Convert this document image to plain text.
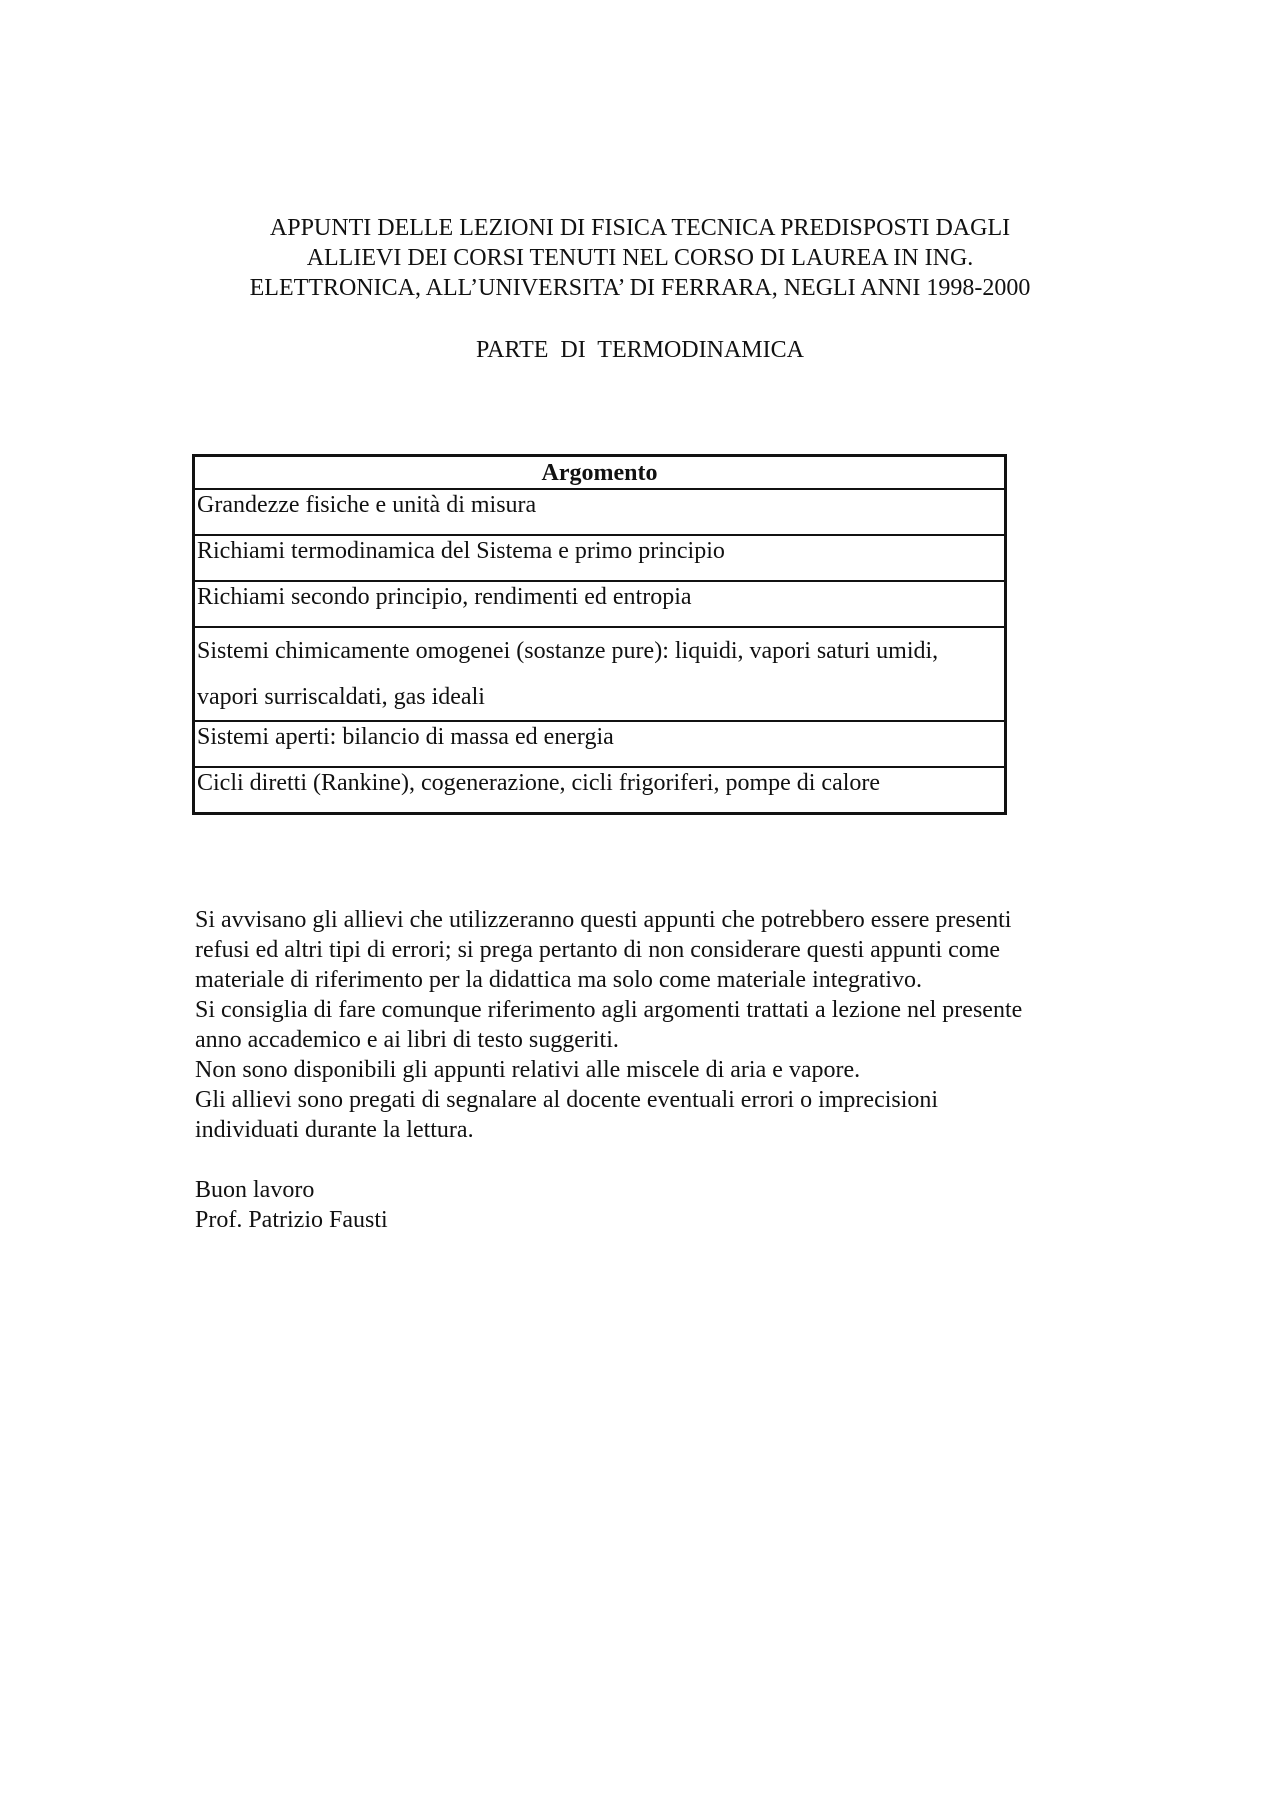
APPUNTI DELLE LEZIONI DI FISICA TECNICA PREDISPOSTI DAGLI
ALLIEVI DEI CORSI TENUTI NEL CORSO DI LAUREA IN ING.
ELETTRONICA, ALL’UNIVERSITA’ DI FERRARA, NEGLI ANNI 1998-2000
PARTE  DI  TERMODINAMICA
Argomento
Grandezze fisiche e unità di misura
Richiami termodinamica del Sistema e primo principio
Richiami secondo principio, rendimenti ed entropia
Sistemi chimicamente omogenei (sostanze pure): liquidi, vapori saturi umidi, vapori surriscaldati, gas ideali
Sistemi aperti: bilancio di massa ed energia
Cicli diretti (Rankine), cogenerazione, cicli frigoriferi, pompe di calore
Si avvisano gli allievi che utilizzeranno questi appunti che potrebbero essere presenti
refusi ed altri tipi di errori; si prega pertanto di non considerare questi appunti come
materiale di riferimento per la didattica ma solo come materiale integrativo.
Si consiglia di fare comunque riferimento agli argomenti trattati a lezione nel presente
anno accademico e ai libri di testo suggeriti.
Non sono disponibili gli appunti relativi alle miscele di aria e vapore.
Gli allievi sono pregati di segnalare al docente eventuali errori o imprecisioni
individuati durante la lettura.
Buon lavoro
Prof. Patrizio Fausti
